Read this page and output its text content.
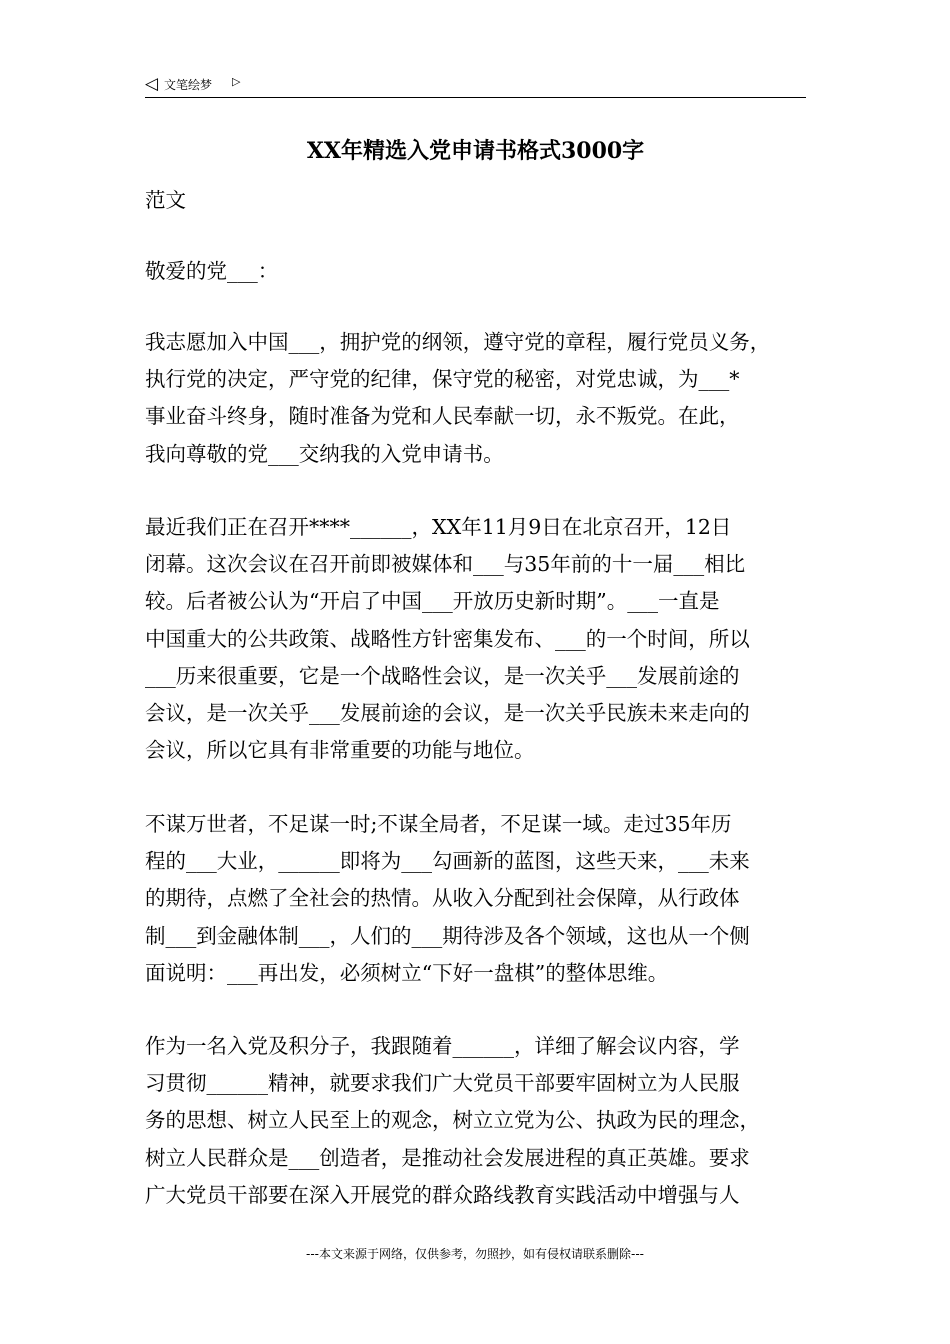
◁ 文笔绘梦 ▷
XX年精选入党申请书格式3000字
范文
敬爱的党___：
我志愿加入中国___，拥护党的纲领，遵守党的章程，履行党员义务，
执行党的决定，严守党的纪律，保守党的秘密，对党忠诚，为___*
事业奋斗终身，随时准备为党和人民奉献一切，永不叛党。在此，
我向尊敬的党___交纳我的入党申请书。
最近我们正在召开****______，XX年11月9日在北京召开，12日
闭幕。这次会议在召开前即被媒体和___与35年前的十一届___相比
较。后者被公认为“开启了中国___开放历史新时期”。___一直是
中国重大的公共政策、战略性方针密集发布、___的一个时间，所以
___历来很重要，它是一个战略性会议，是一次关乎___发展前途的
会议，是一次关乎___发展前途的会议，是一次关乎民族未来走向的
会议，所以它具有非常重要的功能与地位。
不谋万世者，不足谋一时;不谋全局者，不足谋一域。走过35年历
程的___大业，______即将为___勾画新的蓝图，这些天来，___未来
的期待，点燃了全社会的热情。从收入分配到社会保障，从行政体
制___到金融体制___，人们的___期待涉及各个领域，这也从一个侧
面说明：___再出发，必须树立“下好一盘棋”的整体思维。
作为一名入党及积分子，我跟随着______，详细了解会议内容，学
习贯彻______精神，就要求我们广大党员干部要牢固树立为人民服
务的思想、树立人民至上的观念，树立立党为公、执政为民的理念，
树立人民群众是___创造者，是推动社会发展进程的真正英雄。要求
广大党员干部要在深入开展党的群众路线教育实践活动中增强与人
---本文来源于网络，仅供参考，勿照抄，如有侵权请联系删除---
